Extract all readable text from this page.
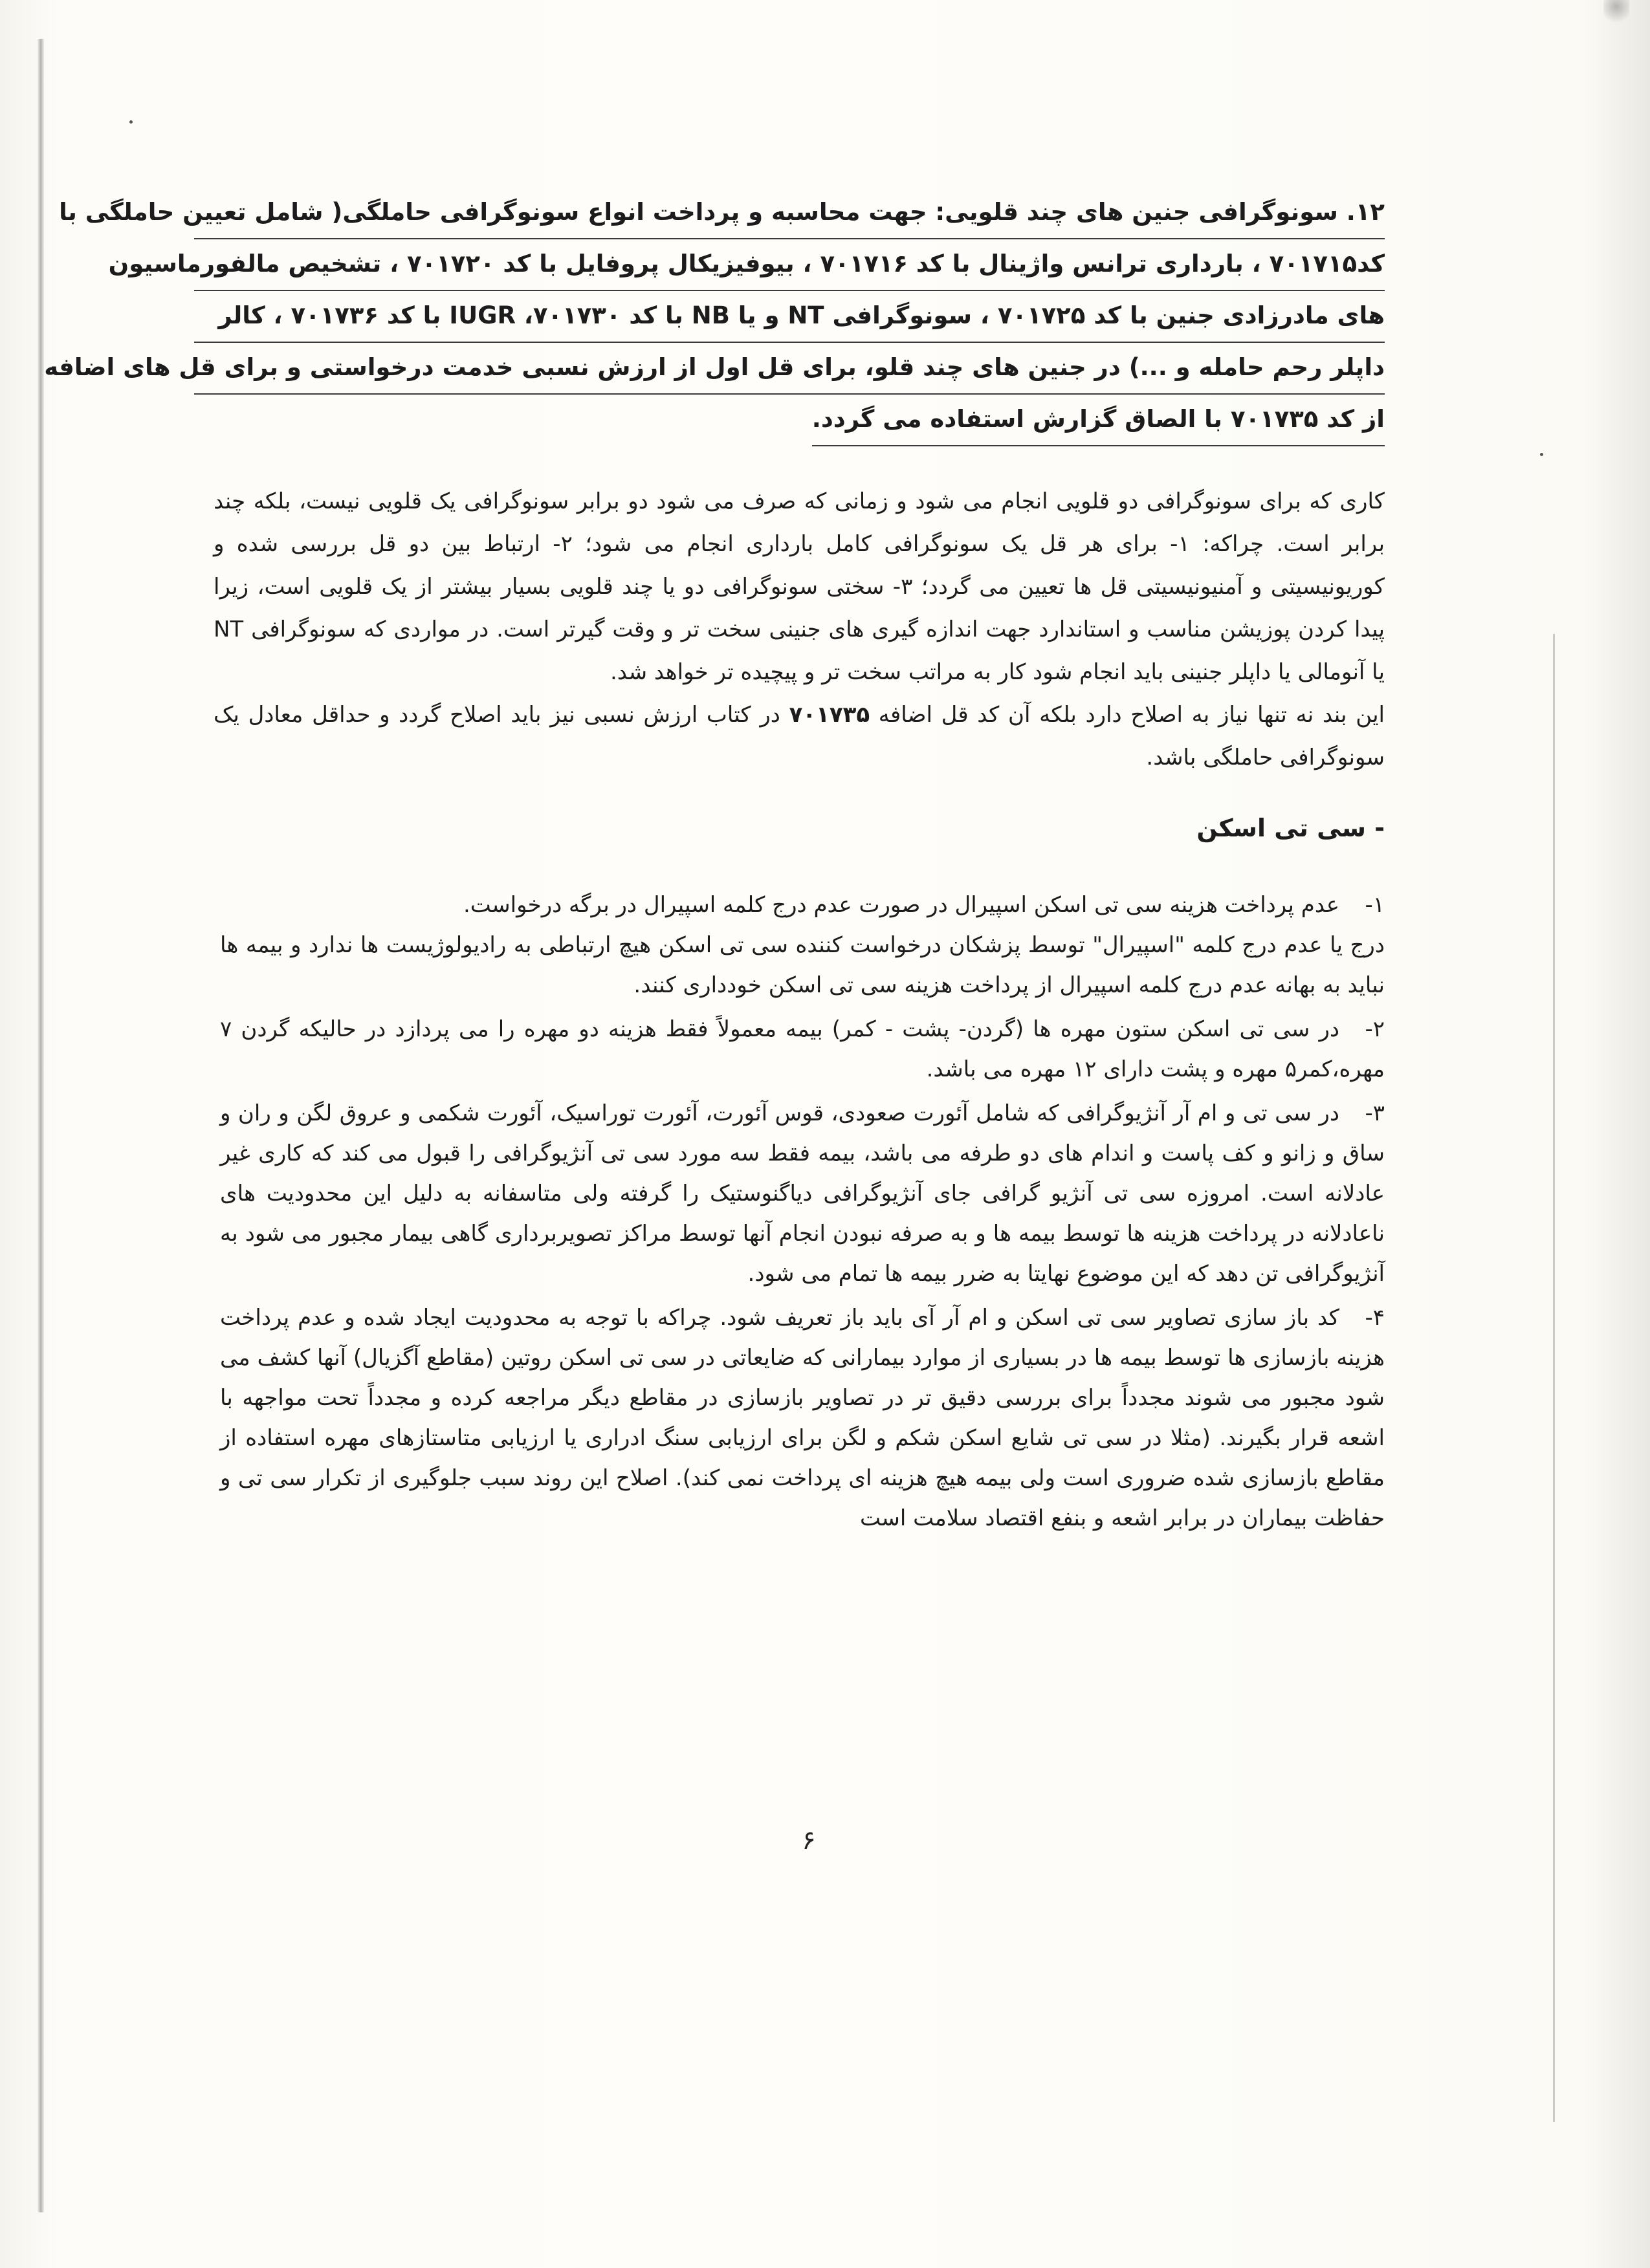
۱۲. سونوگرافی جنین های چند قلویی: جهت محاسبه و پرداخت انواع سونوگرافی حاملگی( شامل تعیین حاملگی با
کد۷۰۱۷۱۵ ، بارداری ترانس واژینال با کد ۷۰۱۷۱۶ ، بیوفیزیکال پروفایل با کد ۷۰۱۷۲۰ ، تشخیص مالفورماسیون
های مادرزادی جنین با کد ۷۰۱۷۲۵ ، سونوگرافی NT و یا NB با کد IUGR ،۷۰۱۷۳۰ با کد ۷۰۱۷۳۶ ، کالر
داپلر رحم حامله و ...) در جنین های چند قلو، برای قل اول از ارزش نسبی خدمت درخواستی و برای قل های اضافه
از کد ۷۰۱۷۳۵ با الصاق گزارش استفاده می گردد.

کاری که برای سونوگرافی دو قلویی انجام می شود و زمانی که صرف می شود دو برابر سونوگرافی یک قلویی نیست، بلکه چند برابر است. چراکه: ۱- برای هر قل یک سونوگرافی کامل بارداری انجام می شود؛ ۲- ارتباط بین دو قل بررسی شده و کوریونیسیتی و آمنیونیسیتی قل ها تعیین می گردد؛ ۳- سختی سونوگرافی دو یا چند قلویی بسیار بیشتر از یک قلویی است، زیرا پیدا کردن پوزیشن مناسب و استاندارد جهت اندازه گیری های جنینی سخت تر و وقت گیرتر است. در مواردی که سونوگرافی NT یا آنومالی یا داپلر جنینی باید انجام شود کار به مراتب سخت تر و پیچیده تر خواهد شد.

این بند نه تنها نیاز به اصلاح دارد بلکه آن کد قل اضافه ۷۰۱۷۳۵ در کتاب ارزش نسبی نیز باید اصلاح گردد و حداقل معادل یک سونوگرافی حاملگی باشد.

- سی تی اسکن
۱-عدم پرداخت هزینه سی تی اسکن اسپیرال در صورت عدم درج کلمه اسپیرال در برگه درخواست.
درج یا عدم درج کلمه "اسپیرال" توسط پزشکان درخواست کننده سی تی اسکن هیچ ارتباطی به رادیولوژیست ها ندارد و بیمه ها نباید به بهانه عدم درج کلمه اسپیرال از پرداخت هزینه سی تی اسکن خودداری کنند.
۲-در سی تی اسکن ستون مهره ها (گردن- پشت - کمر) بیمه معمولاً فقط هزینه دو مهره را می پردازد در حالیکه گردن ۷ مهره،کمر۵ مهره و پشت دارای ۱۲ مهره می باشد.
۳-در سی تی و ام آر آنژیوگرافی که شامل آئورت صعودی، قوس آئورت، آئورت توراسیک، آئورت شکمی و عروق لگن و ران و ساق و زانو و کف پاست و اندام های دو طرفه می باشد، بیمه فقط سه مورد سی تی آنژیوگرافی را قبول می کند که کاری غیر عادلانه است. امروزه سی تی آنژیو گرافی جای آنژیوگرافی دیاگنوستیک را گرفته ولی متاسفانه به دلیل این محدودیت های ناعادلانه در پرداخت هزینه ها توسط بیمه ها و به صرفه نبودن انجام آنها توسط مراکز تصویربرداری گاهی بیمار مجبور می شود به آنژیوگرافی تن دهد که این موضوع نهایتا به ضرر بیمه ها تمام می شود.
۴-کد باز سازی تصاویر سی تی اسکن و ام آر آی باید باز تعریف شود. چراکه با توجه به محدودیت ایجاد شده و عدم پرداخت هزینه بازسازی ها توسط بیمه ها در بسیاری از موارد بیمارانی که ضایعاتی در سی تی اسکن روتین (مقاطع آگزیال) آنها کشف می شود مجبور می شوند مجدداً برای بررسی دقیق تر در تصاویر بازسازی در مقاطع دیگر مراجعه کرده و مجدداً تحت مواجهه با اشعه قرار بگیرند. (مثلا در سی تی شایع اسکن شکم و لگن برای ارزیابی سنگ ادراری یا ارزیابی متاستازهای مهره استفاده از مقاطع بازسازی شده ضروری است ولی بیمه هیچ هزینه ای پرداخت نمی کند). اصلاح این روند سبب جلوگیری از تکرار سی تی و حفاظت بیماران در برابر اشعه و بنفع اقتصاد سلامت است
۶
